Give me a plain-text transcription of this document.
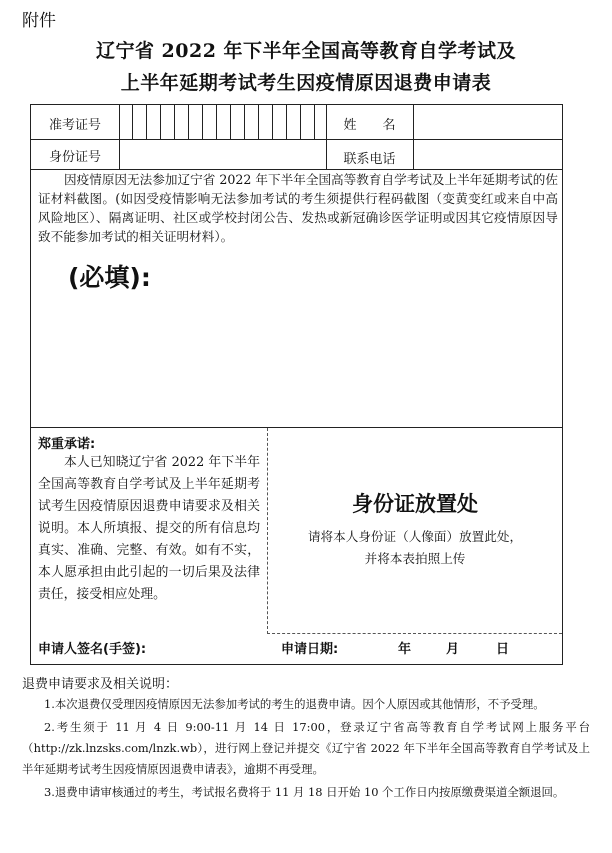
附件
辽宁省 2022 年下半年全国高等教育自学考试及
上半年延期考试考生因疫情原因退费申请表
准考证号	姓　　名
身份证号	联系电话
因疫情原因无法参加辽宁省 2022 年下半年全国高等教育自学考试及上半年延期考试的佐证材料截图。(如因受疫情影响无法参加考试的考生须提供行程码截图（变黄变红或来自中高风险地区）、隔离证明、社区或学校封闭公告、发热或新冠确诊医学证明或因其它疫情原因导致不能参加考试的相关证明材料）。
(必填):
郑重承诺:
本人已知晓辽宁省 2022 年下半年全国高等教育自学考试及上半年延期考试考生因疫情原因退费申请要求及相关说明。本人所填报、提交的所有信息均真实、准确、完整、有效。如有不实，本人愿承担由此引起的一切后果及法律责任，接受相应处理。
身份证放置处
请将本人身份证（人像面）放置此处，
并将本表拍照上传
申请人签名(手签):	申请日期:	年	月	日
退费申请要求及相关说明：

1.本次退费仅受理因疫情原因无法参加考试的考生的退费申请。因个人原因或其他情形，不予受理。

2.考生须于 11 月 4 日 9:00-11 月 14 日 17:00，登录辽宁省高等教育自学考试网上服务平台（http://zk.lnzsks.com/lnzk.wb），进行网上登记并提交《辽宁省 2022 年下半年全国高等教育自学考试及上半年延期考试考生因疫情原因退费申请表》，逾期不再受理。

3.退费申请审核通过的考生，考试报名费将于 11 月 18 日开始 10 个工作日内按原缴费渠道全额退回。
